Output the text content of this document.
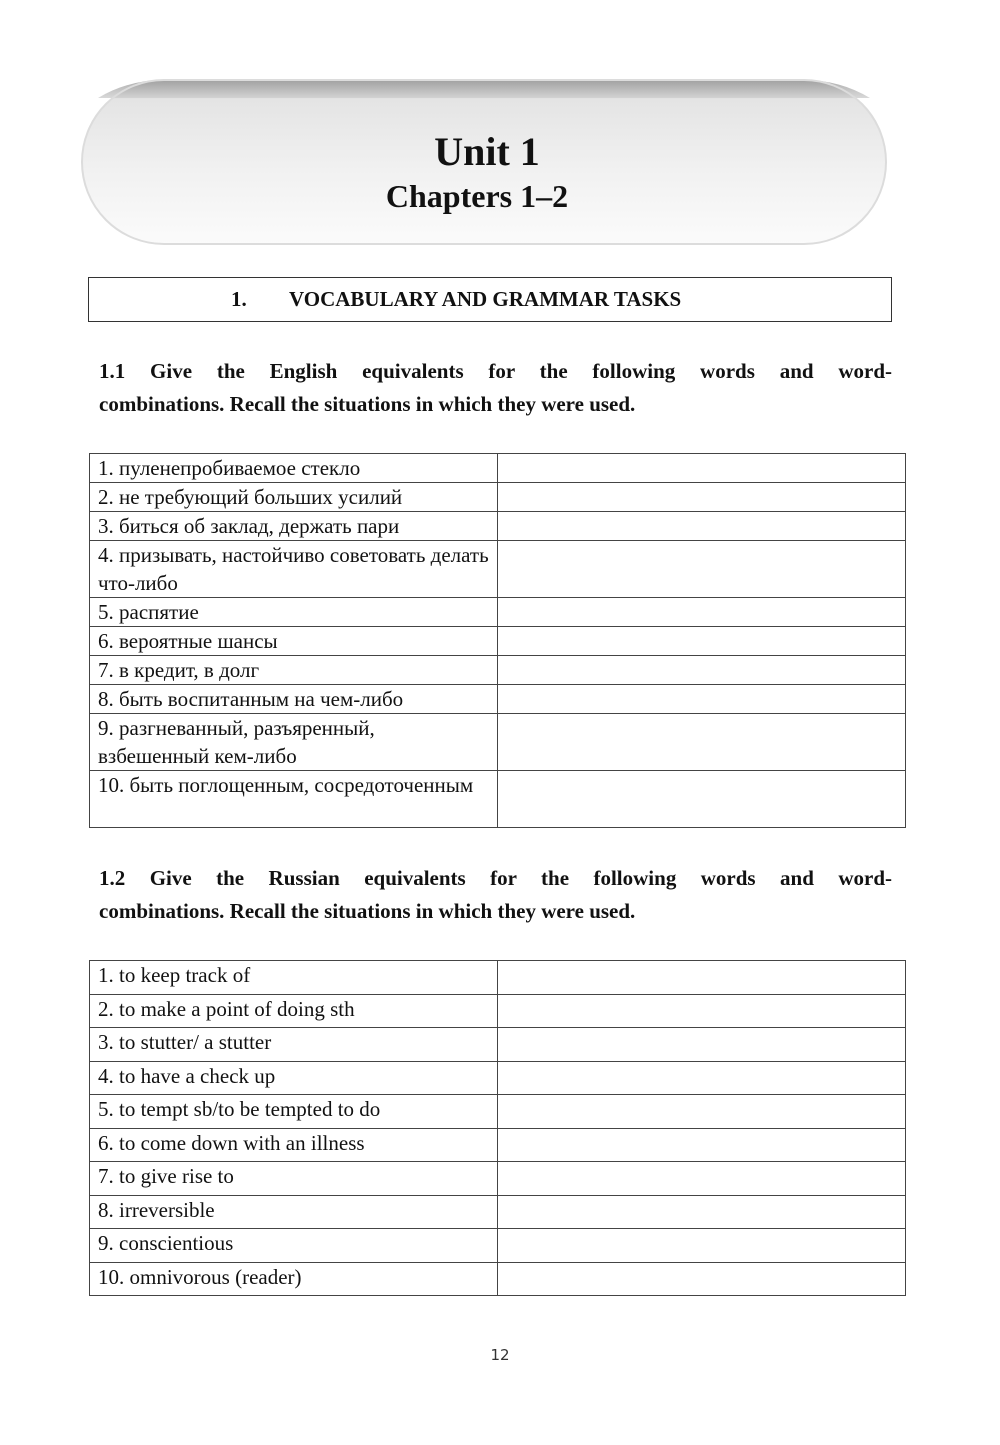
Unit 1
Chapters 1–2
1. VOCABULARY AND GRAMMAR TASKS

1.1 Give the English equivalents for the following words and word-

combinations. Recall the situations in which they were used.

1. пуленепробиваемое стекло	
2. не требующий больших усилий	
3. биться об заклад, держать пари	
4. призывать, настойчиво советовать делать что-либо	
5. распятие	
6. вероятные шансы	
7. в кредит, в долг	
8. быть воспитанным на чем-либо	
9. разгневанный, разъяренный, взбешенный кем-либо	
10. быть поглощенным, сосредоточенным	

1.2 Give the Russian equivalents for the following words and word-

combinations. Recall the situations in which they were used.

1. to keep track of	
2. to make a point of doing sth	
3. to stutter/ a stutter	
4. to have a check up	
5. to tempt sb/to be tempted to do	
6. to come down with an illness	
7. to give rise to	
8. irreversible	
9. conscientious	
10. omnivorous (reader)	
12
